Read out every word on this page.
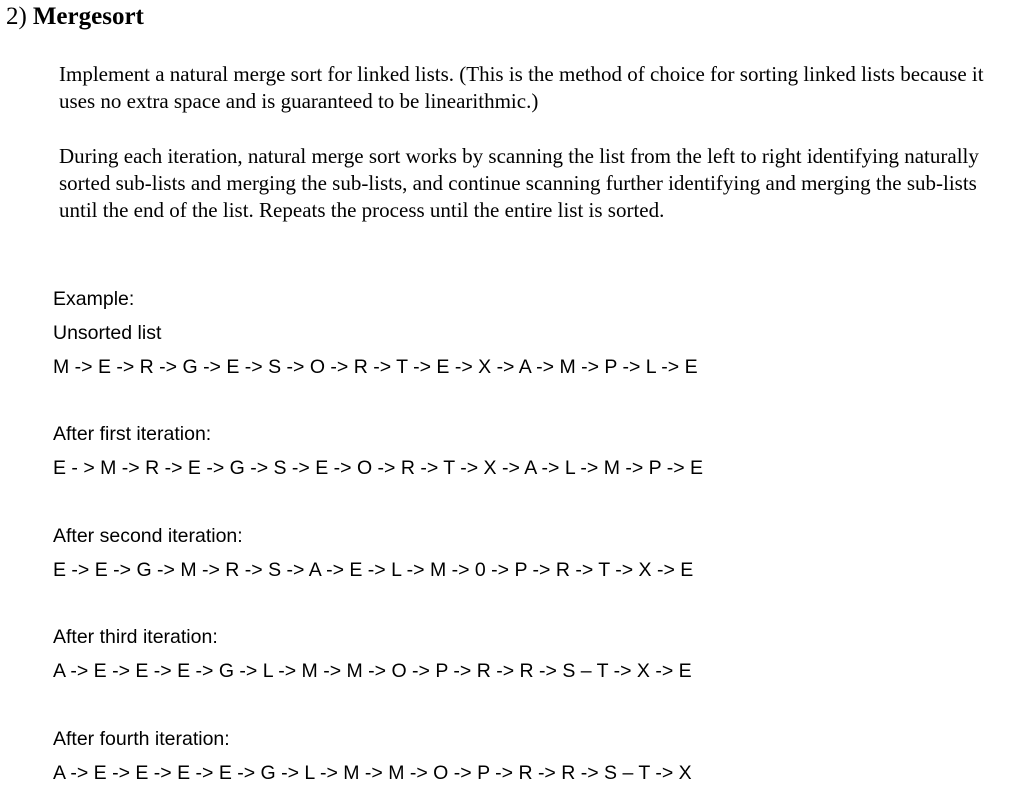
2) Mergesort

Implement a natural merge sort for linked lists. (This is the method of choice for sorting linked lists because it uses no extra space and is guaranteed to be linearithmic.)

During each iteration, natural merge sort works by scanning the list from the left to right identifying naturally sorted sub-lists and merging the sub-lists, and continue scanning further identifying and merging the sub-lists until the end of the list. Repeats the process until the entire list is sorted.

Example:
Unsorted list
M -> E -> R -> G -> E -> S -> O -> R -> T -> E -> X -> A -> M -> P -> L -> E
After first iteration:
E - > M -> R -> E -> G -> S -> E -> O -> R -> T -> X -> A -> L -> M -> P -> E
After second iteration:
E -> E -> G -> M -> R -> S -> A -> E -> L -> M -> 0 -> P -> R -> T -> X -> E
After third iteration:
A -> E -> E -> E -> G -> L -> M -> M -> O -> P -> R -> R -> S – T -> X -> E
After fourth iteration:
A -> E -> E -> E -> E -> G -> L -> M -> M -> O -> P -> R -> R -> S – T -> X
